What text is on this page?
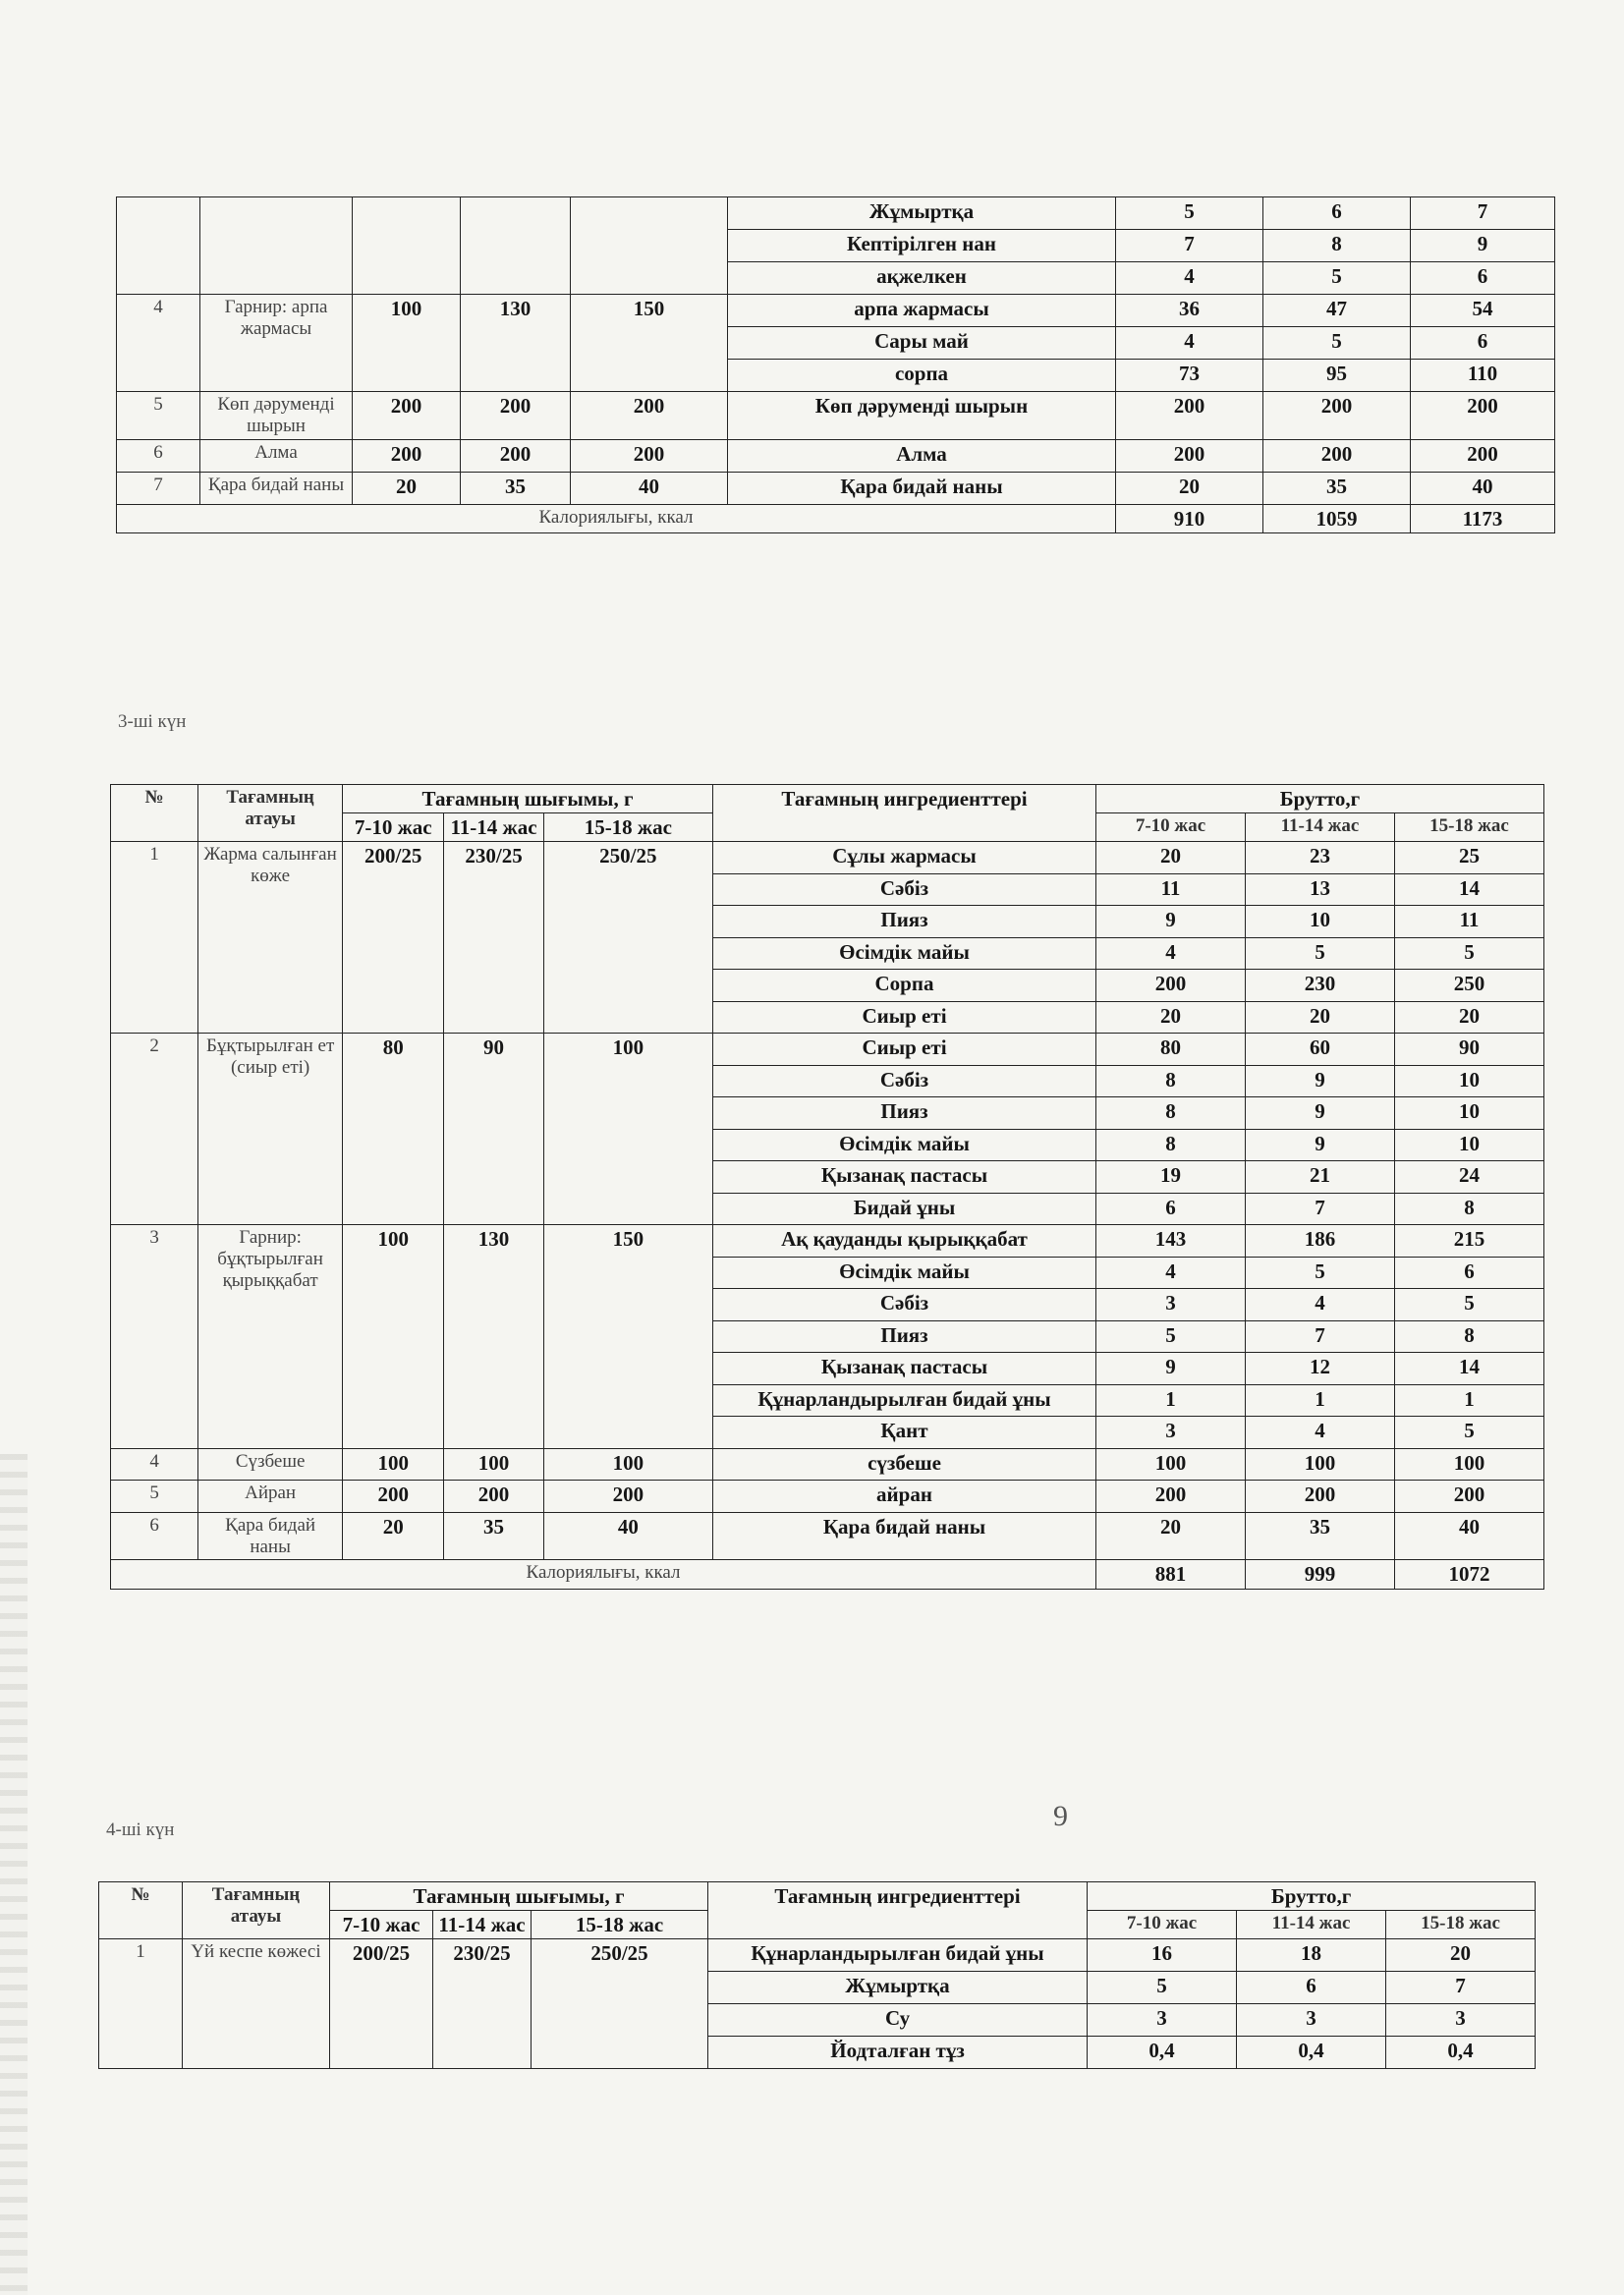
					Жұмыртқа	5	6	7
					Кептірілген нан	7	8	9
					ақжелкен	4	5	6
4	Гарнир: арпа жармасы	100	130	150	арпа жармасы	36	47	54
					Сары май	4	5	6
					сорпа	73	95	110
5	Көп дәруменді шырын	200	200	200	Көп дәруменді шырын	200	200	200
6	Алма	200	200	200	Алма	200	200	200
7	Қара бидай наны	20	35	40	Қара бидай наны	20	35	40
Калориялығы, ккал						910	1059	1173
3-ші күн
№	Тағамның атауы	Тағамның шығымы, г			Тағамның ингредиенттері	Брутто,г		
		7-10 жас	11-14 жас	15-18 жас		7-10 жас	11-14 жас	15-18 жас
1	Жарма салынған көже	200/25	230/25	250/25	Сұлы жармасы	20	23	25
					Сәбіз	11	13	14
					Пияз	9	10	11
					Өсімдік майы	4	5	5
					Сорпа	200	230	250
					Сиыр еті	20	20	20
2	Бұқтырылған ет (сиыр еті)	80	90	100	Сиыр еті	80	60	90
					Сәбіз	8	9	10
					Пияз	8	9	10
					Өсімдік майы	8	9	10
					Қызанақ пастасы	19	21	24
					Бидай ұны	6	7	8
3	Гарнир: бұқтырылған қырыққабат	100	130	150	Ақ қауданды қырыққабат	143	186	215
					Өсімдік майы	4	5	6
					Сәбіз	3	4	5
					Пияз	5	7	8
					Қызанақ пастасы	9	12	14
					Құнарландырылған бидай ұны	1	1	1
					Қант	3	4	5
4	Сүзбеше	100	100	100	сүзбеше	100	100	100
5	Айран	200	200	200	айран	200	200	200
6	Қара бидай наны	20	35	40	Қара бидай наны	20	35	40
Калориялығы, ккал						881	999	1072
9
4-ші күн
№	Тағамның атауы	Тағамның шығымы, г			Тағамның ингредиенттері	Брутто,г		
		7-10 жас	11-14 жас	15-18 жас		7-10 жас	11-14 жас	15-18 жас
1	Үй кеспе көжесі	200/25	230/25	250/25	Құнарландырылған бидай ұны	16	18	20
					Жұмыртқа	5	6	7
					Су	3	3	3
					Йодталған тұз	0,4	0,4	0,4
